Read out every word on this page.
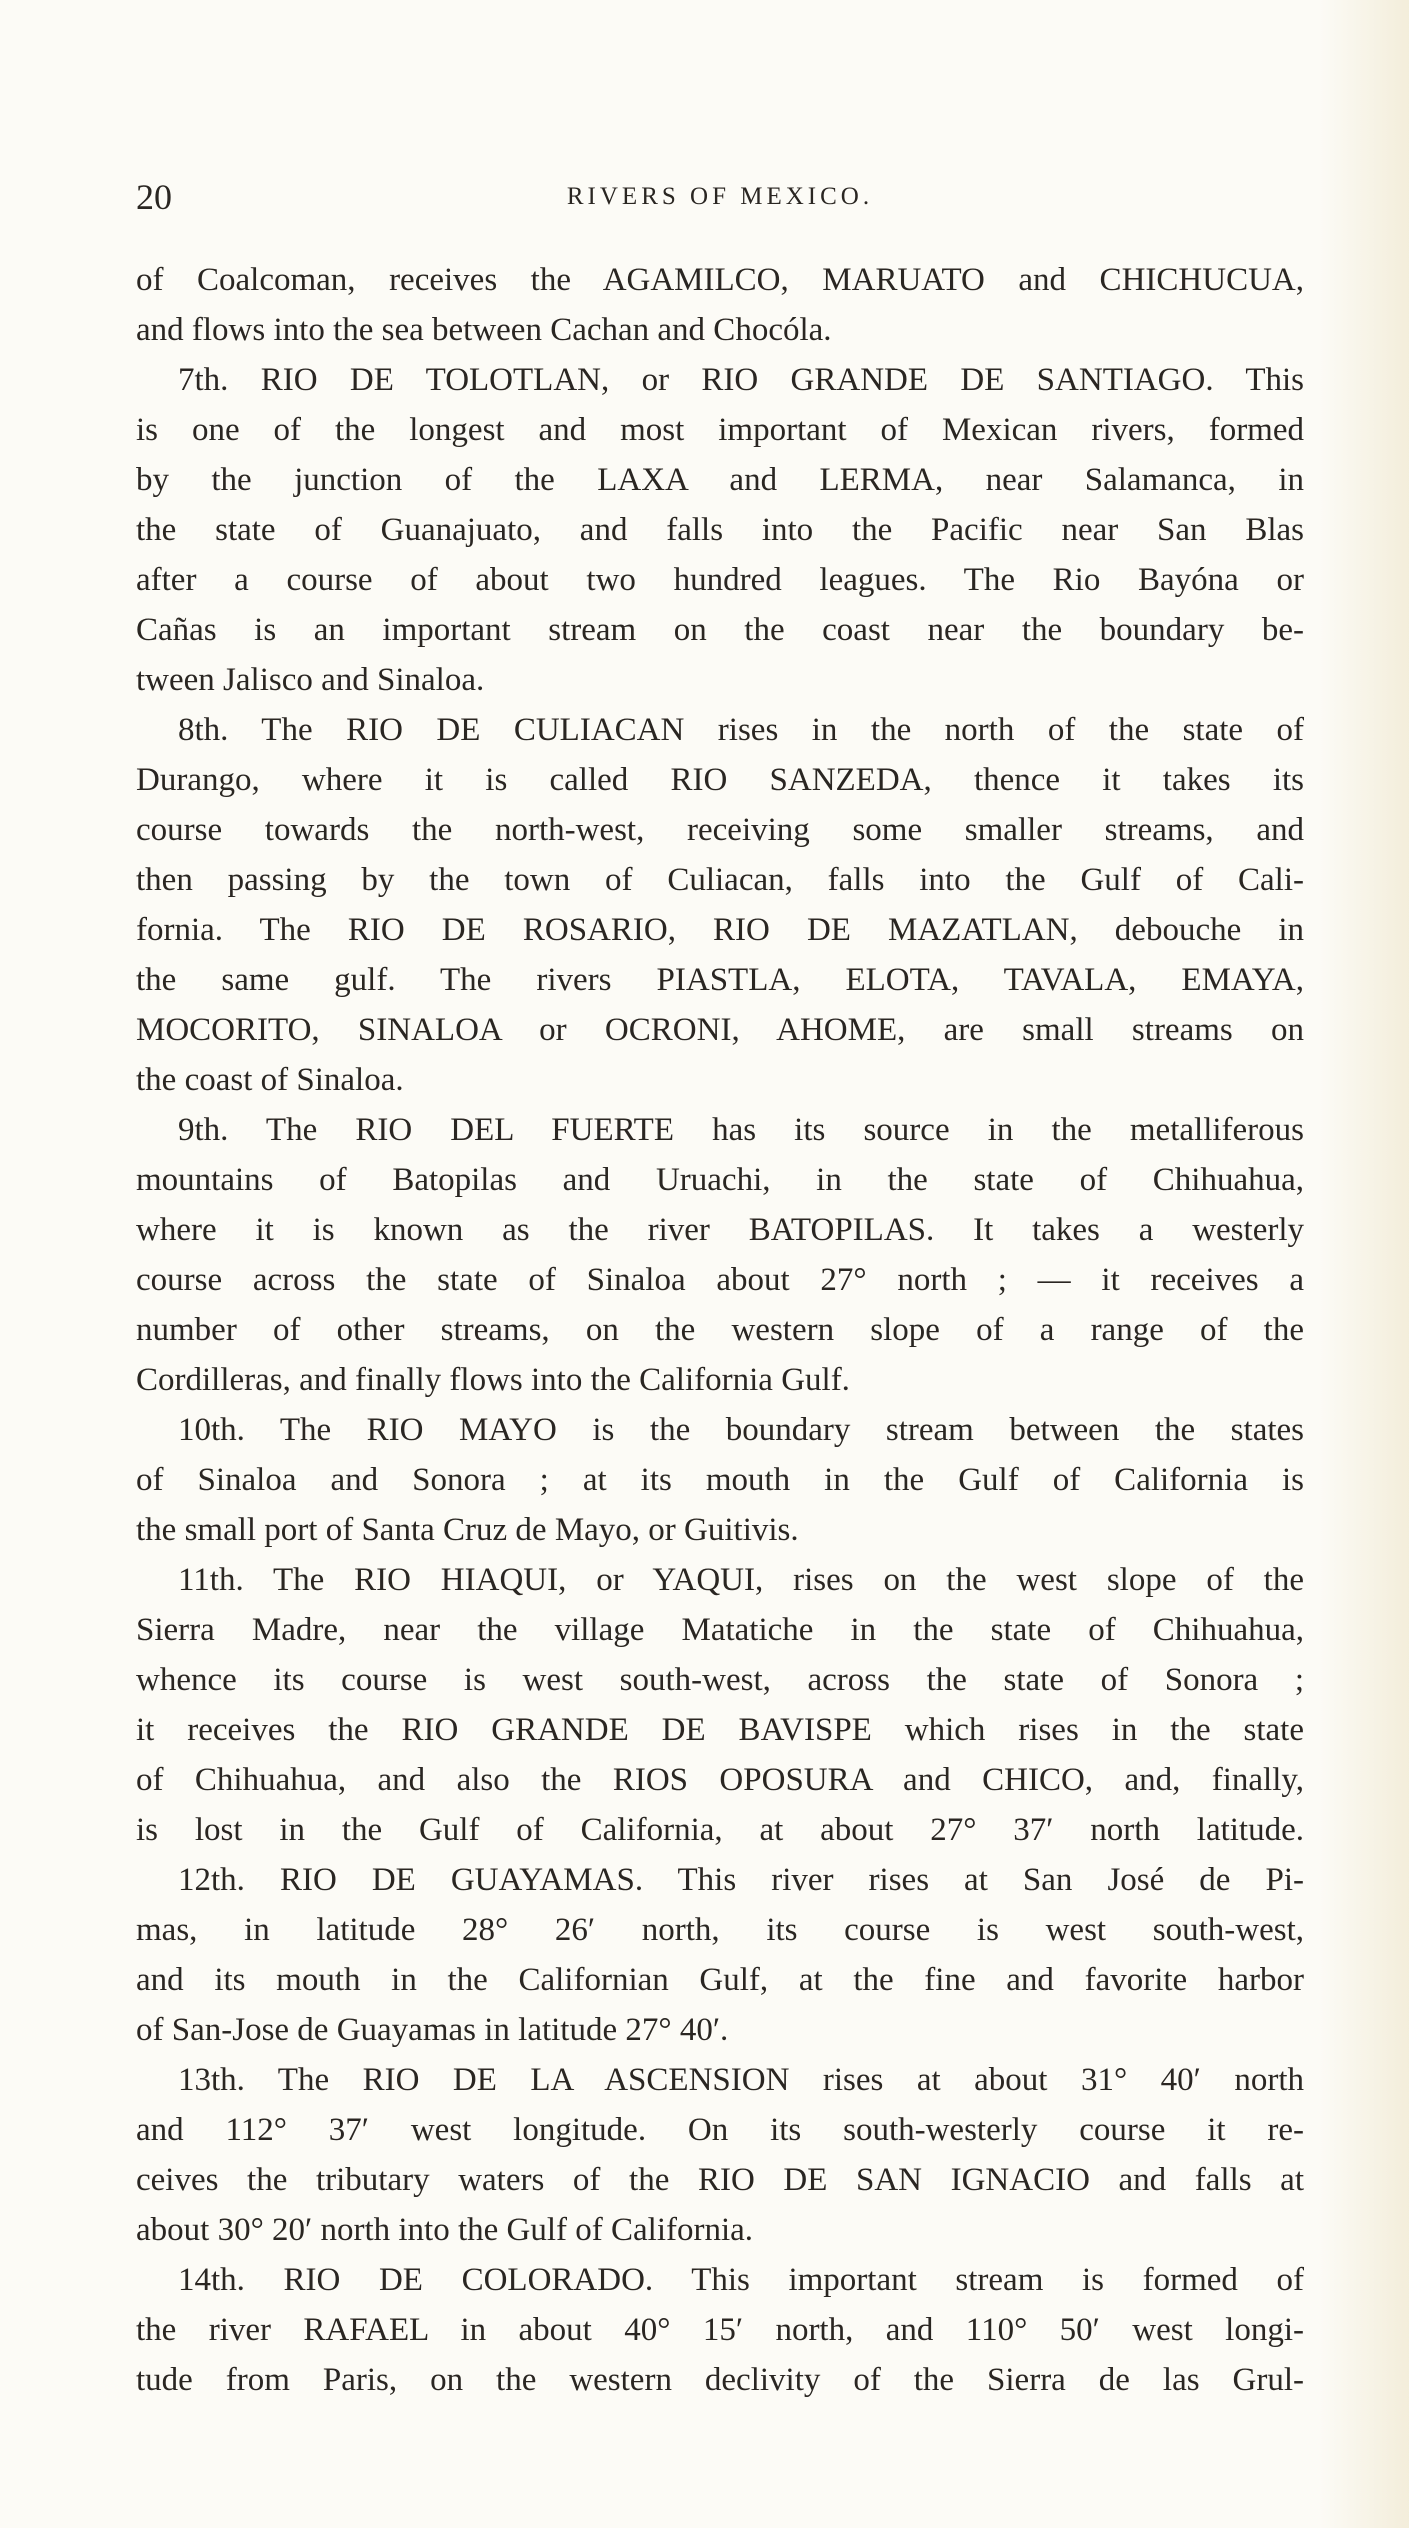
20	RIVERS OF MEXICO.
of Coalcoman, receives the AGAMILCO, MARUATO and CHICHUCUA,
and flows into the sea between Cachan and Chocóla.
7th. RIO DE TOLOTLAN, or RIO GRANDE DE SANTIAGO. This
is one of the longest and most important of Mexican rivers, formed
by the junction of the LAXA and LERMA, near Salamanca, in
the state of Guanajuato, and falls into the Pacific near San Blas
after a course of about two hundred leagues. The Rio Bayóna or
Cañas is an important stream on the coast near the boundary be-
tween Jalisco and Sinaloa.
8th. The RIO DE CULIACAN rises in the north of the state of
Durango, where it is called RIO SANZEDA, thence it takes its
course towards the north-west, receiving some smaller streams, and
then passing by the town of Culiacan, falls into the Gulf of Cali-
fornia. The RIO DE ROSARIO, RIO DE MAZATLAN, debouche in
the same gulf. The rivers PIASTLA, ELOTA, TAVALA, EMAYA,
MOCORITO, SINALOA or OCRONI, AHOME, are small streams on
the coast of Sinaloa.
9th. The RIO DEL FUERTE has its source in the metalliferous
mountains of Batopilas and Uruachi, in the state of Chihuahua,
where it is known as the river BATOPILAS. It takes a westerly
course across the state of Sinaloa about 27° north ; — it receives a
number of other streams, on the western slope of a range of the
Cordilleras, and finally flows into the California Gulf.
10th. The RIO MAYO is the boundary stream between the states
of Sinaloa and Sonora ; at its mouth in the Gulf of California is
the small port of Santa Cruz de Mayo, or Guitivis.
11th. The RIO HIAQUI, or YAQUI, rises on the west slope of the
Sierra Madre, near the village Matatiche in the state of Chihuahua,
whence its course is west south-west, across the state of Sonora ;
it receives the RIO GRANDE DE BAVISPE which rises in the state
of Chihuahua, and also the RIOS OPOSURA and CHICO, and, finally,
is lost in the Gulf of California, at about 27° 37′ north latitude.
12th. RIO DE GUAYAMAS. This river rises at San José de Pi-
mas, in latitude 28° 26′ north, its course is west south-west,
and its mouth in the Californian Gulf, at the fine and favorite harbor
of San-Jose de Guayamas in latitude 27° 40′.
13th. The RIO DE LA ASCENSION rises at about 31° 40′ north
and 112° 37′ west longitude. On its south-westerly course it re-
ceives the tributary waters of the RIO DE SAN IGNACIO and falls at
about 30° 20′ north into the Gulf of California.
14th. RIO DE COLORADO. This important stream is formed of
the river RAFAEL in about 40° 15′ north, and 110° 50′ west longi-
tude from Paris, on the western declivity of the Sierra de las Grul-
